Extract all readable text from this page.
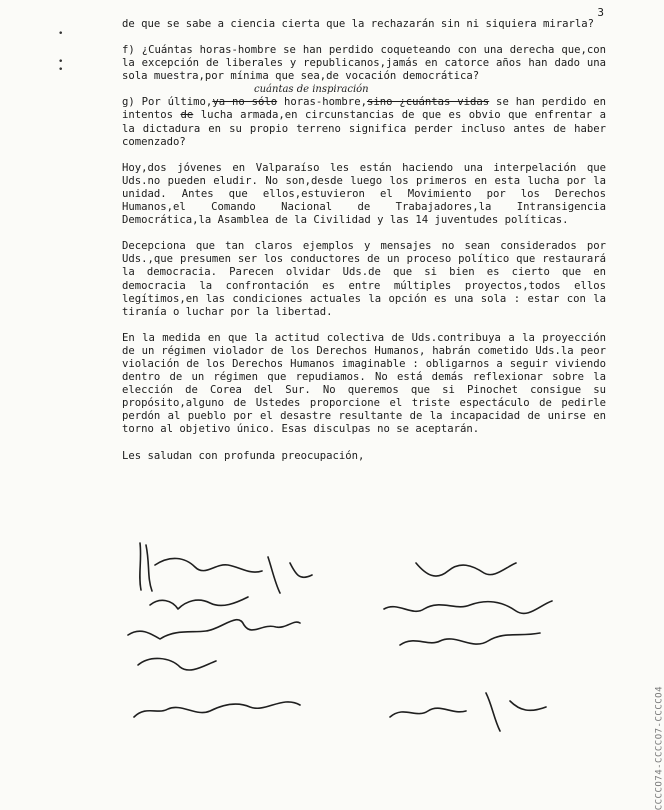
3
•
•
•

de que se sabe a ciencia cierta que la rechazarán sin ni siquiera mirarla?

f) ¿Cuántas horas-hombre se han perdido coqueteando con una derecha que,con la excepción de liberales y republicanos,jamás en catorce años han dado una sola muestra,por mínima que sea,de vocación democrática?

cuántas de inspiración
g) Por último,ya no sólo horas-hombre,sino ¿cuántas vidas se han perdido en intentos de lucha armada,en circunstancias de que es obvio que enfrentar a la dictadura en su propio terreno significa perder incluso antes de haber comenzado?

Hoy,dos jóvenes en Valparaíso les están haciendo una interpelación que Uds.no pueden eludir. No son,desde luego los primeros en esta lucha por la unidad. Antes que ellos,estuvieron el Movimiento por los Derechos Humanos,el Comando Nacional de Trabajadores,la Intransigencia Democrática,la Asamblea de la Civilidad y las 14 juventudes políticas.

Decepciona que tan claros ejemplos y mensajes no sean considerados por Uds.,que presumen ser los conductores de un proceso político que restaurará la democracia. Parecen olvidar Uds.de que si bien es cierto que en democracia la confrontación es entre múltiples proyectos,todos ellos legítimos,en las condiciones actuales la opción es una sola : estar con la tiranía o luchar por la libertad.

En la medida en que la actitud colectiva de Uds.contribuya a la proyección de un régimen violador de los Derechos Humanos, habrán cometido Uds.la peor violación de los Derechos Humanos imaginable : obligarnos a seguir viviendo dentro de un régimen que repudiamos. No está demás reflexionar sobre la elección de Corea del Sur. No queremos que si Pinochet consigue su propósito,alguno de Ustedes proporcione el triste espectáculo de pedirle perdón al pueblo por el desastre resultante de la incapacidad de unirse en torno al objetivo único. Esas disculpas no se aceptarán.

Les saludan con profunda preocupación,

CCCCO74-CCCCO7-CCCCO4
